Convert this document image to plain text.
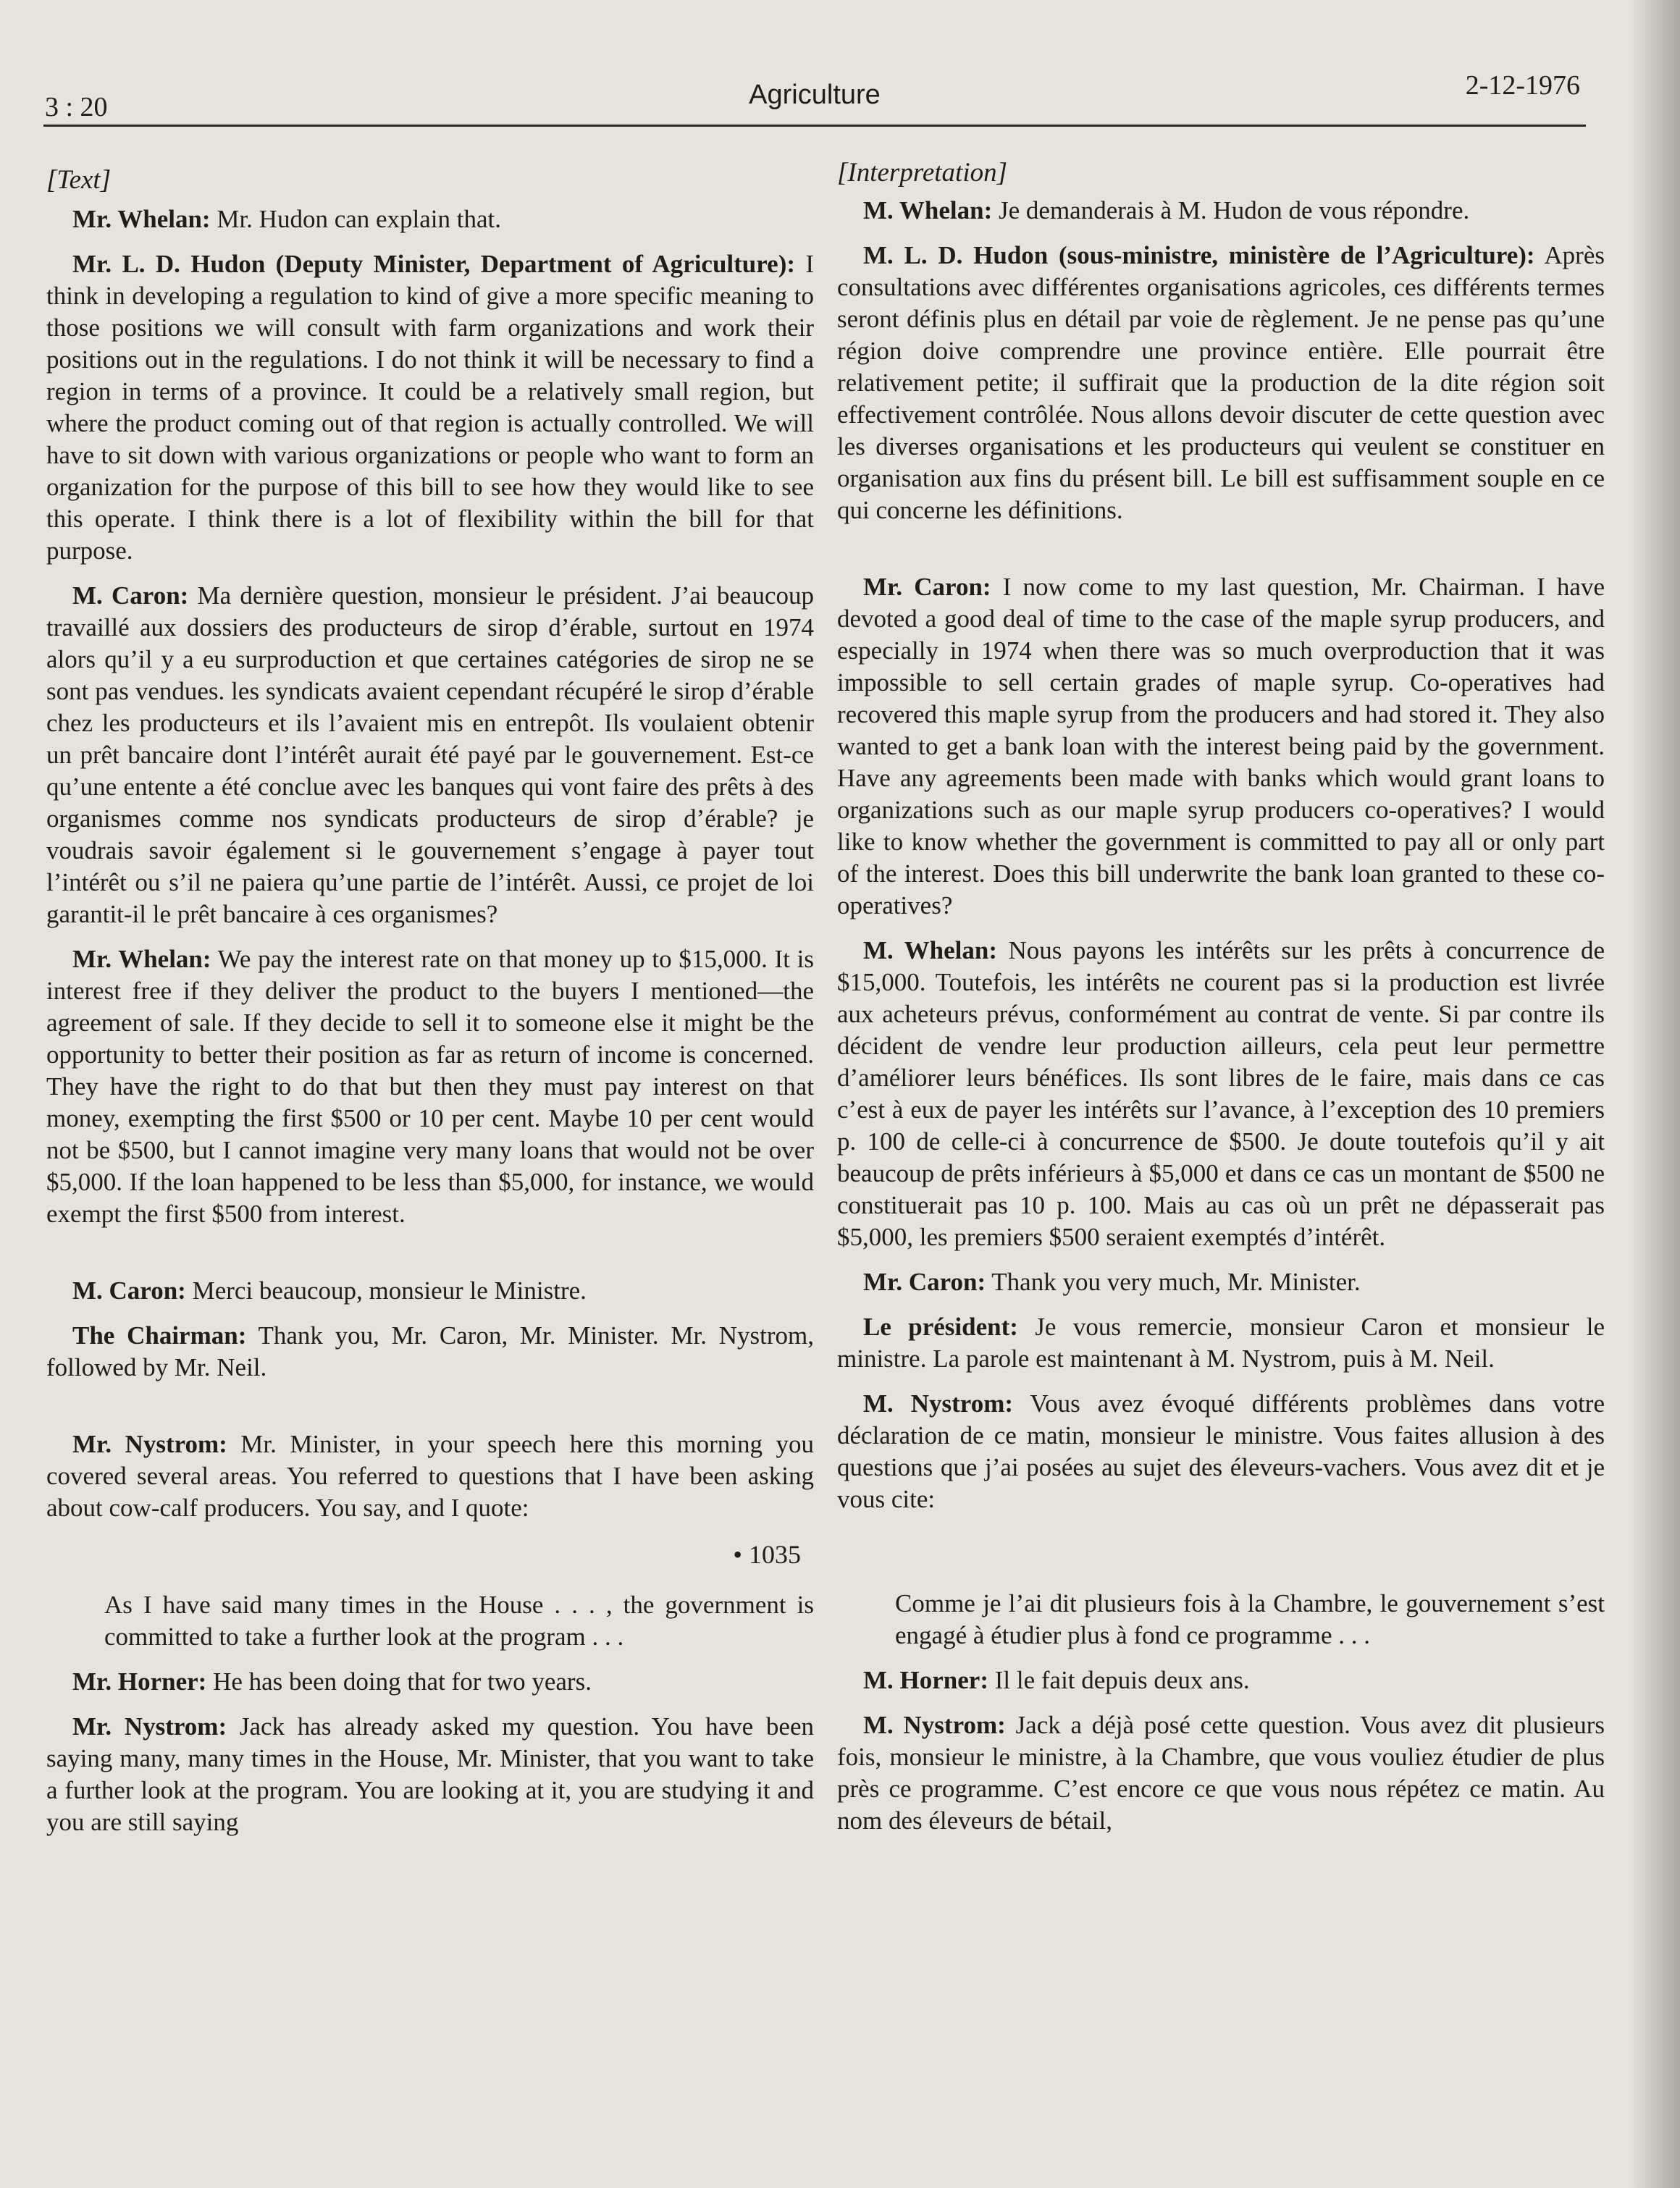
3 : 20	Agriculture	2-12-1976

[Text]

Mr. Whelan: Mr. Hudon can explain that.

Mr. L. D. Hudon (Deputy Minister, Department of Agriculture): I think in developing a regulation to kind of give a more specific meaning to those positions we will consult with farm organizations and work their positions out in the regulations. I do not think it will be necessary to find a region in terms of a province. It could be a relatively small region, but where the product coming out of that region is actually controlled. We will have to sit down with various organizations or people who want to form an organization for the purpose of this bill to see how they would like to see this operate. I think there is a lot of flexibility within the bill for that purpose.

M. Caron: Ma dernière question, monsieur le président. J’ai beaucoup travaillé aux dossiers des producteurs de sirop d’érable, surtout en 1974 alors qu’il y a eu surproduction et que certaines catégories de sirop ne se sont pas vendues. les syndicats avaient cependant récupéré le sirop d’érable chez les producteurs et ils l’avaient mis en entrepôt. Ils voulaient obtenir un prêt bancaire dont l’intérêt aurait été payé par le gouvernement. Est-ce qu’une entente a été conclue avec les banques qui vont faire des prêts à des organismes comme nos syndicats producteurs de sirop d’érable? je voudrais savoir également si le gouvernement s’engage à payer tout l’intérêt ou s’il ne paiera qu’une partie de l’intérêt. Aussi, ce projet de loi garantit-il le prêt bancaire à ces organismes?

Mr. Whelan: We pay the interest rate on that money up to $15,000. It is interest free if they deliver the product to the buyers I mentioned—the agreement of sale. If they decide to sell it to someone else it might be the opportunity to better their position as far as return of income is concerned. They have the right to do that but then they must pay interest on that money, exempting the first $500 or 10 per cent. Maybe 10 per cent would not be $500, but I cannot imagine very many loans that would not be over $5,000. If the loan happened to be less than $5,000, for instance, we would exempt the first $500 from interest.

M. Caron: Merci beaucoup, monsieur le Ministre.

The Chairman: Thank you, Mr. Caron, Mr. Minister. Mr. Nystrom, followed by Mr. Neil.

Mr. Nystrom: Mr. Minister, in your speech here this morning you covered several areas. You referred to questions that I have been asking about cow-calf producers. You say, and I quote:

• 1035
As I have said many times in the House . . . , the government is committed to take a further look at the program . . .

Mr. Horner: He has been doing that for two years.

Mr. Nystrom: Jack has already asked my question. You have been saying many, many times in the House, Mr. Minister, that you want to take a further look at the program. You are looking at it, you are studying it and you are still saying

[Interpretation]

M. Whelan: Je demanderais à M. Hudon de vous répondre.

M. L. D. Hudon (sous-ministre, ministère de l’Agriculture): Après consultations avec différentes organisations agricoles, ces différents termes seront définis plus en détail par voie de règlement. Je ne pense pas qu’une région doive comprendre une province entière. Elle pourrait être relativement petite; il suffirait que la production de la dite région soit effectivement contrôlée. Nous allons devoir discuter de cette question avec les diverses organisations et les producteurs qui veulent se constituer en organisation aux fins du présent bill. Le bill est suffisamment souple en ce qui concerne les définitions.

Mr. Caron: I now come to my last question, Mr. Chairman. I have devoted a good deal of time to the case of the maple syrup producers, and especially in 1974 when there was so much overproduction that it was impossible to sell certain grades of maple syrup. Co-operatives had recovered this maple syrup from the producers and had stored it. They also wanted to get a bank loan with the interest being paid by the government. Have any agreements been made with banks which would grant loans to organizations such as our maple syrup producers co-operatives? I would like to know whether the government is committed to pay all or only part of the interest. Does this bill underwrite the bank loan granted to these co-operatives?

M. Whelan: Nous payons les intérêts sur les prêts à concurrence de $15,000. Toutefois, les intérêts ne courent pas si la production est livrée aux acheteurs prévus, conformément au contrat de vente. Si par contre ils décident de vendre leur production ailleurs, cela peut leur permettre d’améliorer leurs bénéfices. Ils sont libres de le faire, mais dans ce cas c’est à eux de payer les intérêts sur l’avance, à l’exception des 10 premiers p. 100 de celle-ci à concurrence de $500. Je doute toutefois qu’il y ait beaucoup de prêts inférieurs à $5,000 et dans ce cas un montant de $500 ne constituerait pas 10 p. 100. Mais au cas où un prêt ne dépasserait pas $5,000, les premiers $500 seraient exemptés d’intérêt.

Mr. Caron: Thank you very much, Mr. Minister.

Le président: Je vous remercie, monsieur Caron et monsieur le ministre. La parole est maintenant à M. Nystrom, puis à M. Neil.

M. Nystrom: Vous avez évoqué différents problèmes dans votre déclaration de ce matin, monsieur le ministre. Vous faites allusion à des questions que j’ai posées au sujet des éleveurs-vachers. Vous avez dit et je vous cite:

Comme je l’ai dit plusieurs fois à la Chambre, le gouvernement s’est engagé à étudier plus à fond ce programme . . .

M. Horner: Il le fait depuis deux ans.

M. Nystrom: Jack a déjà posé cette question. Vous avez dit plusieurs fois, monsieur le ministre, à la Chambre, que vous vouliez étudier de plus près ce programme. C’est encore ce que vous nous répétez ce matin. Au nom des éleveurs de bétail,
